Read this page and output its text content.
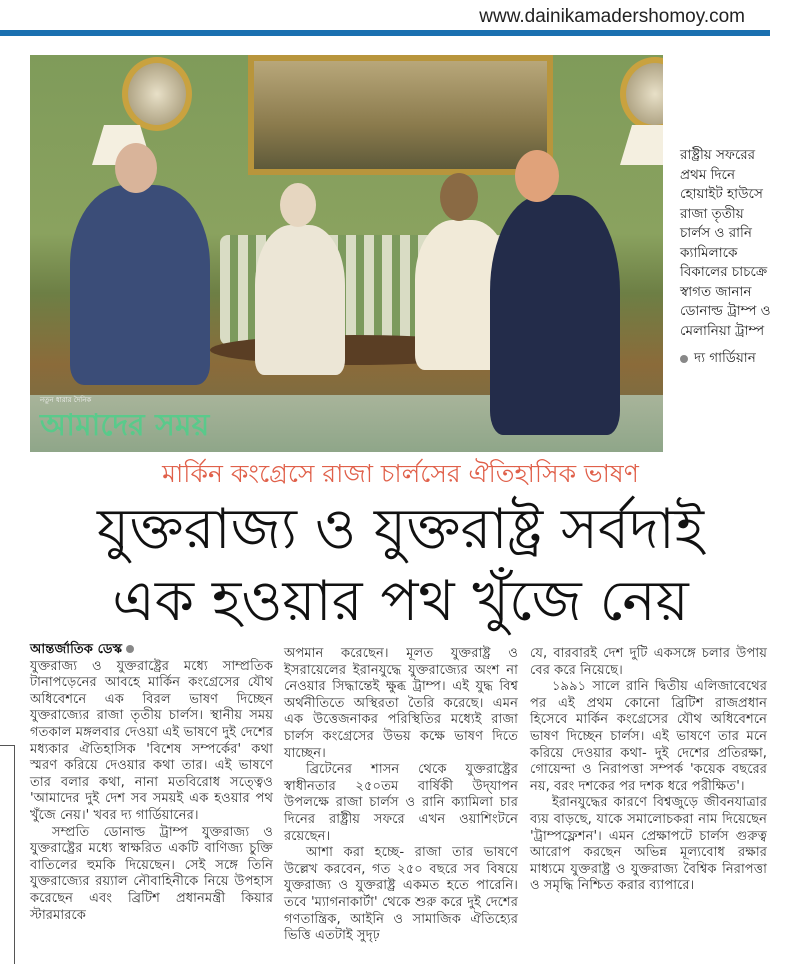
www.dainikamadershomoy.com
নতুন ধারার দৈনিক
আমাদের সময়
রাষ্ট্রীয় সফরের প্রথম দিনে হোয়াইট হাউসে রাজা তৃতীয় চার্লস ও রানি ক্যামিলাকে বিকালের চাচক্রে স্বাগত জানান ডোনাল্ড ট্রাম্প ও মেলানিয়া ট্রাম্প
দ্য গার্ডিয়ান
মার্কিন কংগ্রেসে রাজা চার্লসের ঐতিহাসিক ভাষণ
যুক্তরাজ্য ও যুক্তরাষ্ট্র সর্বদাই
এক হওয়ার পথ খুঁজে নেয়

আন্তর্জাতিক ডেস্ক

যুক্তরাজ্য ও যুক্তরাষ্ট্রের মধ্যে সাম্প্রতিক টানাপড়েনের আবহে মার্কিন কংগ্রেসের যৌথ অধিবেশনে এক বিরল ভাষণ দিচ্ছেন যুক্তরাজ্যের রাজা তৃতীয় চার্লস। স্থানীয় সময় গতকাল মঙ্গলবার দেওয়া এই ভাষণে দুই দেশের মধ্যকার ঐতিহাসিক 'বিশেষ সম্পর্কের' কথা স্মরণ করিয়ে দেওয়ার কথা তার। এই ভাষণে তার বলার কথা, নানা মতবিরোধ সত্ত্বেও 'আমাদের দুই দেশ সব সময়ই এক হওয়ার পথ খুঁজে নেয়।' খবর দ্য গার্ডিয়ানের।

সম্প্রতি ডোনাল্ড ট্রাম্প যুক্তরাজ্য ও যুক্তরাষ্ট্রের মধ্যে স্বাক্ষরিত একটি বাণিজ্য চুক্তি বাতিলের হুমকি দিয়েছেন। সেই সঙ্গে তিনি যুক্তরাজ্যের রয়্যাল নৌবাহিনীকে নিয়ে উপহাস করেছেন এবং ব্রিটিশ প্রধানমন্ত্রী কিয়ার স্টারমারকে

অপমান করেছেন। মূলত যুক্তরাষ্ট্র ও ইসরায়েলের ইরানযুদ্ধে যুক্তরাজ্যের অংশ না নেওয়ার সিদ্ধান্তেই ক্ষুব্ধ ট্রাম্প। এই যুদ্ধ বিশ্ব অর্থনীতিতে অস্থিরতা তৈরি করেছে। এমন এক উত্তেজনাকর পরিস্থিতির মধ্যেই রাজা চার্লস কংগ্রেসের উভয় কক্ষে ভাষণ দিতে যাচ্ছেন।

ব্রিটেনের শাসন থেকে যুক্তরাষ্ট্রের স্বাধীনতার ২৫০তম বার্ষিকী উদ্‌যাপন উপলক্ষে রাজা চার্লস ও রানি ক্যামিলা চার দিনের রাষ্ট্রীয় সফরে এখন ওয়াশিংটনে রয়েছেন।

আশা করা হচ্ছে- রাজা তার ভাষণে উল্লেখ করবেন, গত ২৫০ বছরে সব বিষয়ে যুক্তরাজ্য ও যুক্তরাষ্ট্র একমত হতে পারেনি। তবে 'ম্যাগনাকার্টা' থেকে শুরু করে দুই দেশের গণতান্ত্রিক, আইনি ও সামাজিক ঐতিহ্যের ভিত্তি এতটাই সুদৃঢ়

যে, বারবারই দেশ দুটি একসঙ্গে চলার উপায় বের করে নিয়েছে।

১৯৯১ সালে রানি দ্বিতীয় এলিজাবেথের পর এই প্রথম কোনো ব্রিটিশ রাজপ্রধান হিসেবে মার্কিন কংগ্রেসের যৌথ অধিবেশনে ভাষণ দিচ্ছেন চার্লস। এই ভাষণে তার মনে করিয়ে দেওয়ার কথা- দুই দেশের প্রতিরক্ষা, গোয়েন্দা ও নিরাপত্তা সম্পর্ক 'কয়েক বছরের নয়, বরং দশকের পর দশক ধরে পরীক্ষিত'।

ইরানযুদ্ধের কারণে বিশ্বজুড়ে জীবনযাত্রার ব্যয় বাড়ছে, যাকে সমালোচকরা নাম দিয়েছেন 'ট্রাম্পফ্লেশন'। এমন প্রেক্ষাপটে চার্লস গুরুত্ব আরোপ করছেন অভিন্ন মূল্যবোধ রক্ষার মাধ্যমে যুক্তরাষ্ট্র ও যুক্তরাজ্য বৈশ্বিক নিরাপত্তা ও সমৃদ্ধি নিশ্চিত করার ব্যাপারে।
